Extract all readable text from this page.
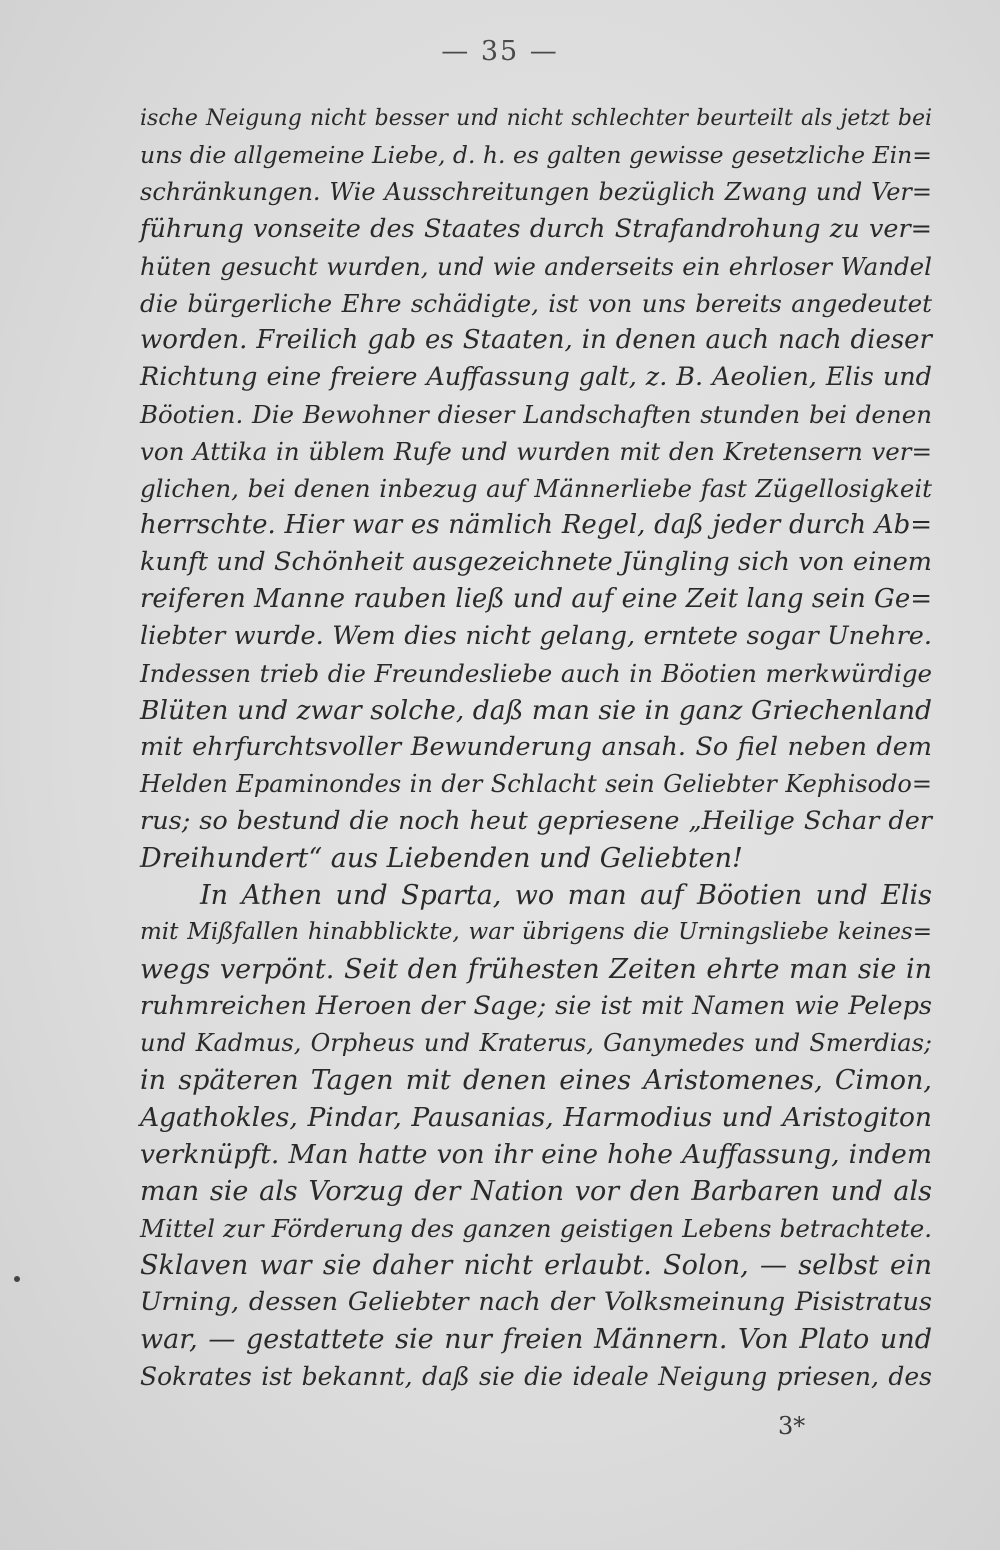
— 35 —
ische Neigung nicht besser und nicht schlechter beurteilt als jetzt bei
uns die allgemeine Liebe, d. h. es galten gewisse gesetzliche Ein=
schränkungen. Wie Ausschreitungen bezüglich Zwang und Ver=
führung vonseite des Staates durch Strafandrohung zu ver=
hüten gesucht wurden, und wie anderseits ein ehrloser Wandel
die bürgerliche Ehre schädigte, ist von uns bereits angedeutet
worden. Freilich gab es Staaten, in denen auch nach dieser
Richtung eine freiere Auffassung galt, z. B. Aeolien, Elis und
Böotien. Die Bewohner dieser Landschaften stunden bei denen
von Attika in üblem Rufe und wurden mit den Kretensern ver=
glichen, bei denen inbezug auf Männerliebe fast Zügellosigkeit
herrschte. Hier war es nämlich Regel, daß jeder durch Ab=
kunft und Schönheit ausgezeichnete Jüngling sich von einem
reiferen Manne rauben ließ und auf eine Zeit lang sein Ge=
liebter wurde. Wem dies nicht gelang, erntete sogar Unehre.
Indessen trieb die Freundesliebe auch in Böotien merkwürdige
Blüten und zwar solche, daß man sie in ganz Griechenland
mit ehrfurchtsvoller Bewunderung ansah. So fiel neben dem
Helden Epaminondes in der Schlacht sein Geliebter Kephisodo=
rus; so bestund die noch heut gepriesene „Heilige Schar der
Dreihundert“ aus Liebenden und Geliebten!
In Athen und Sparta, wo man auf Böotien und Elis
mit Mißfallen hinabblickte, war übrigens die Urningsliebe keines=
wegs verpönt. Seit den frühesten Zeiten ehrte man sie in
ruhmreichen Heroen der Sage; sie ist mit Namen wie Peleps
und Kadmus, Orpheus und Kraterus, Ganymedes und Smerdias;
in späteren Tagen mit denen eines Aristomenes, Cimon,
Agathokles, Pindar, Pausanias, Harmodius und Aristogiton
verknüpft. Man hatte von ihr eine hohe Auffassung, indem
man sie als Vorzug der Nation vor den Barbaren und als
Mittel zur Förderung des ganzen geistigen Lebens betrachtete.
Sklaven war sie daher nicht erlaubt. Solon, — selbst ein
Urning, dessen Geliebter nach der Volksmeinung Pisistratus
war, — gestattete sie nur freien Männern. Von Plato und
Sokrates ist bekannt, daß sie die ideale Neigung priesen, des
3*
